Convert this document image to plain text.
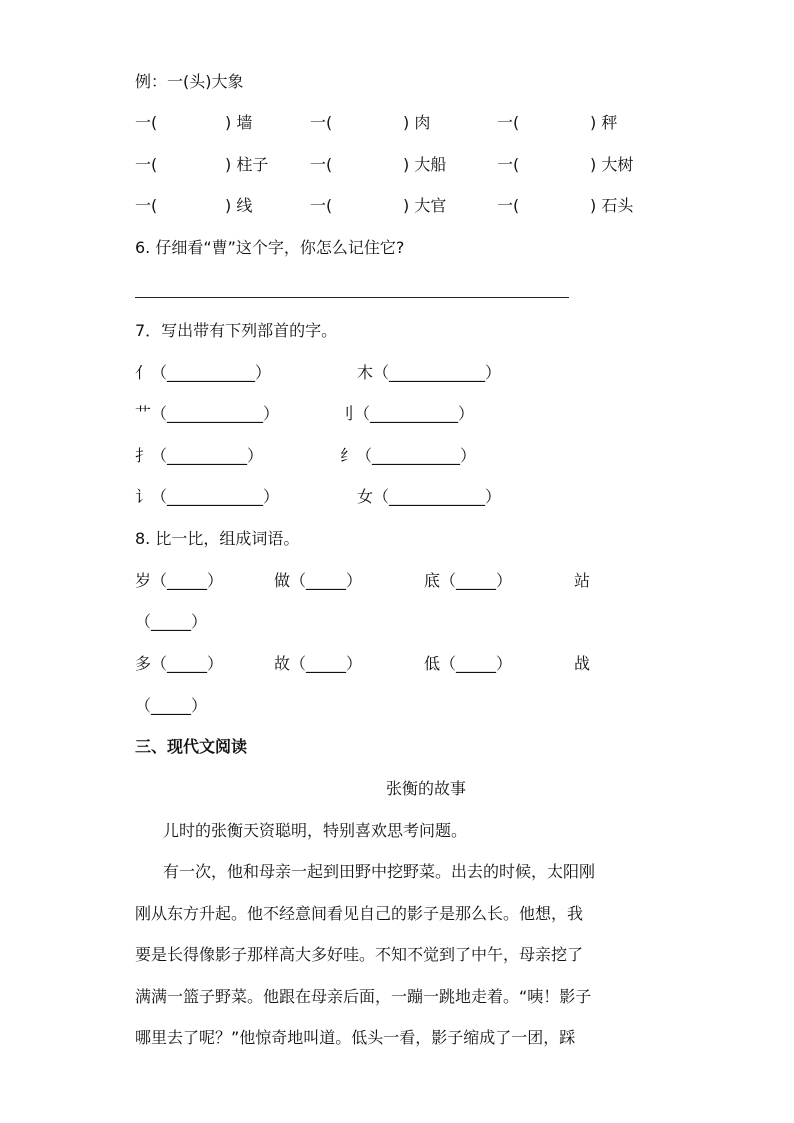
例：一(头)大象
一(	) 墙	一(	) 肉	一(	) 秤
一(	) 柱子	一(	) 大船	一(	) 大树
一(	) 线	一(	) 大官	一(	) 石头
6. 仔细看“曹”这个字，你怎么记住它?
7．写出带有下列部首的字。
亻（___________）	木（____________）
艹（____________）	刂（___________）
扌（__________）	纟（___________）
讠（____________）	女（____________）
8. 比一比，组成词语。
岁（_____）	做（_____）	底（_____）	站
（_____）
多（_____）	故（_____）	低（_____）	战
（_____）
三、现代文阅读
张衡的故事
儿时的张衡天资聪明，特别喜欢思考问题。
有一次，他和母亲一起到田野中挖野菜。出去的时候，太阳刚
刚从东方升起。他不经意间看见自己的影子是那么长。他想，我
要是长得像影子那样高大多好哇。不知不觉到了中午，母亲挖了
满满一篮子野菜。他跟在母亲后面，一蹦一跳地走着。“咦！影子
哪里去了呢？”他惊奇地叫道。低头一看，影子缩成了一团，踩
